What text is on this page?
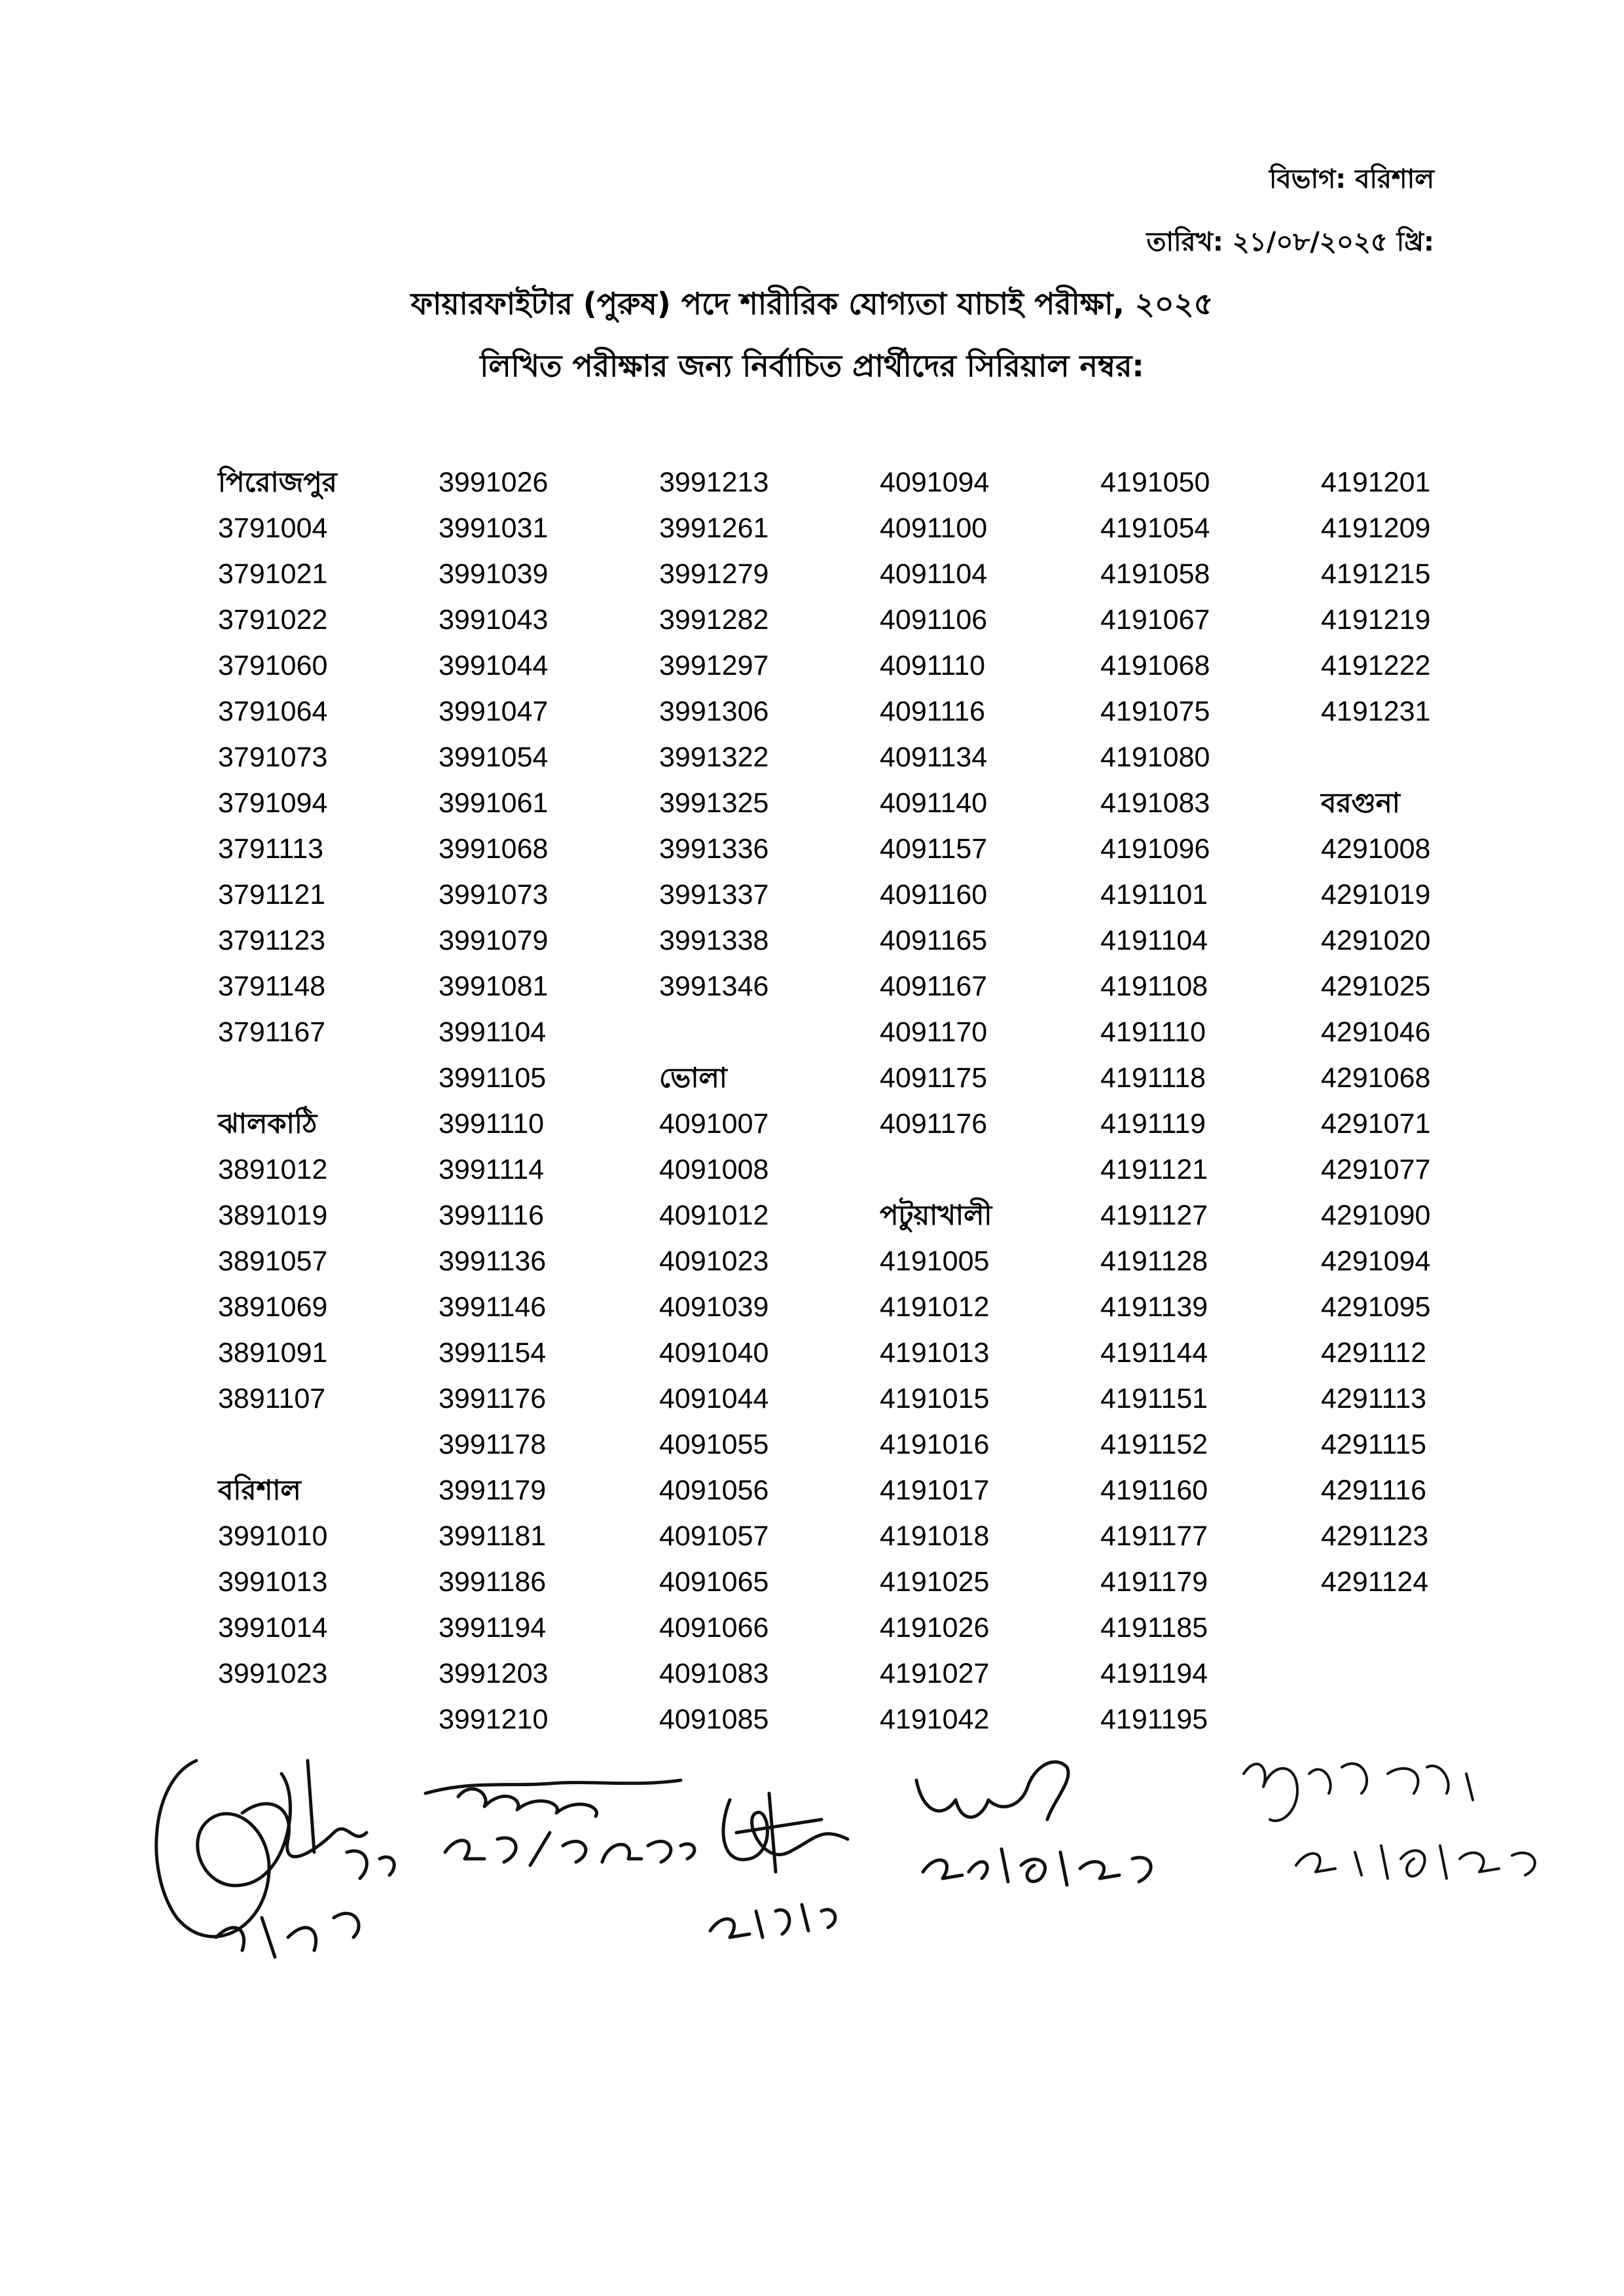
বিভাগ: বরিশাল
তারিখ: ২১/০৮/২০২৫ খ্রি:
ফায়ারফাইটার (পুরুষ) পদে শারীরিক যোগ্যতা যাচাই পরীক্ষা, ২০২৫
লিখিত পরীক্ষার জন্য নির্বাচিত প্রার্থীদের সিরিয়াল নম্বর:
পিরোজপুর
3791004
3791021
3791022
3791060
3791064
3791073
3791094
3791113
3791121
3791123
3791148
3791167
ঝালকাঠি
3891012
3891019
3891057
3891069
3891091
3891107
বরিশাল
3991010
3991013
3991014
3991023
3991026
3991031
3991039
3991043
3991044
3991047
3991054
3991061
3991068
3991073
3991079
3991081
3991104
3991105
3991110
3991114
3991116
3991136
3991146
3991154
3991176
3991178
3991179
3991181
3991186
3991194
3991203
3991210
3991213
3991261
3991279
3991282
3991297
3991306
3991322
3991325
3991336
3991337
3991338
3991346
ভোলা
4091007
4091008
4091012
4091023
4091039
4091040
4091044
4091055
4091056
4091057
4091065
4091066
4091083
4091085
4091094
4091100
4091104
4091106
4091110
4091116
4091134
4091140
4091157
4091160
4091165
4091167
4091170
4091175
4091176
পটুয়াখালী
4191005
4191012
4191013
4191015
4191016
4191017
4191018
4191025
4191026
4191027
4191042
4191050
4191054
4191058
4191067
4191068
4191075
4191080
4191083
4191096
4191101
4191104
4191108
4191110
4191118
4191119
4191121
4191127
4191128
4191139
4191144
4191151
4191152
4191160
4191177
4191179
4191185
4191194
4191195
4191201
4191209
4191215
4191219
4191222
4191231
বরগুনা
4291008
4291019
4291020
4291025
4291046
4291068
4291071
4291077
4291090
4291094
4291095
4291112
4291113
4291115
4291116
4291123
4291124
